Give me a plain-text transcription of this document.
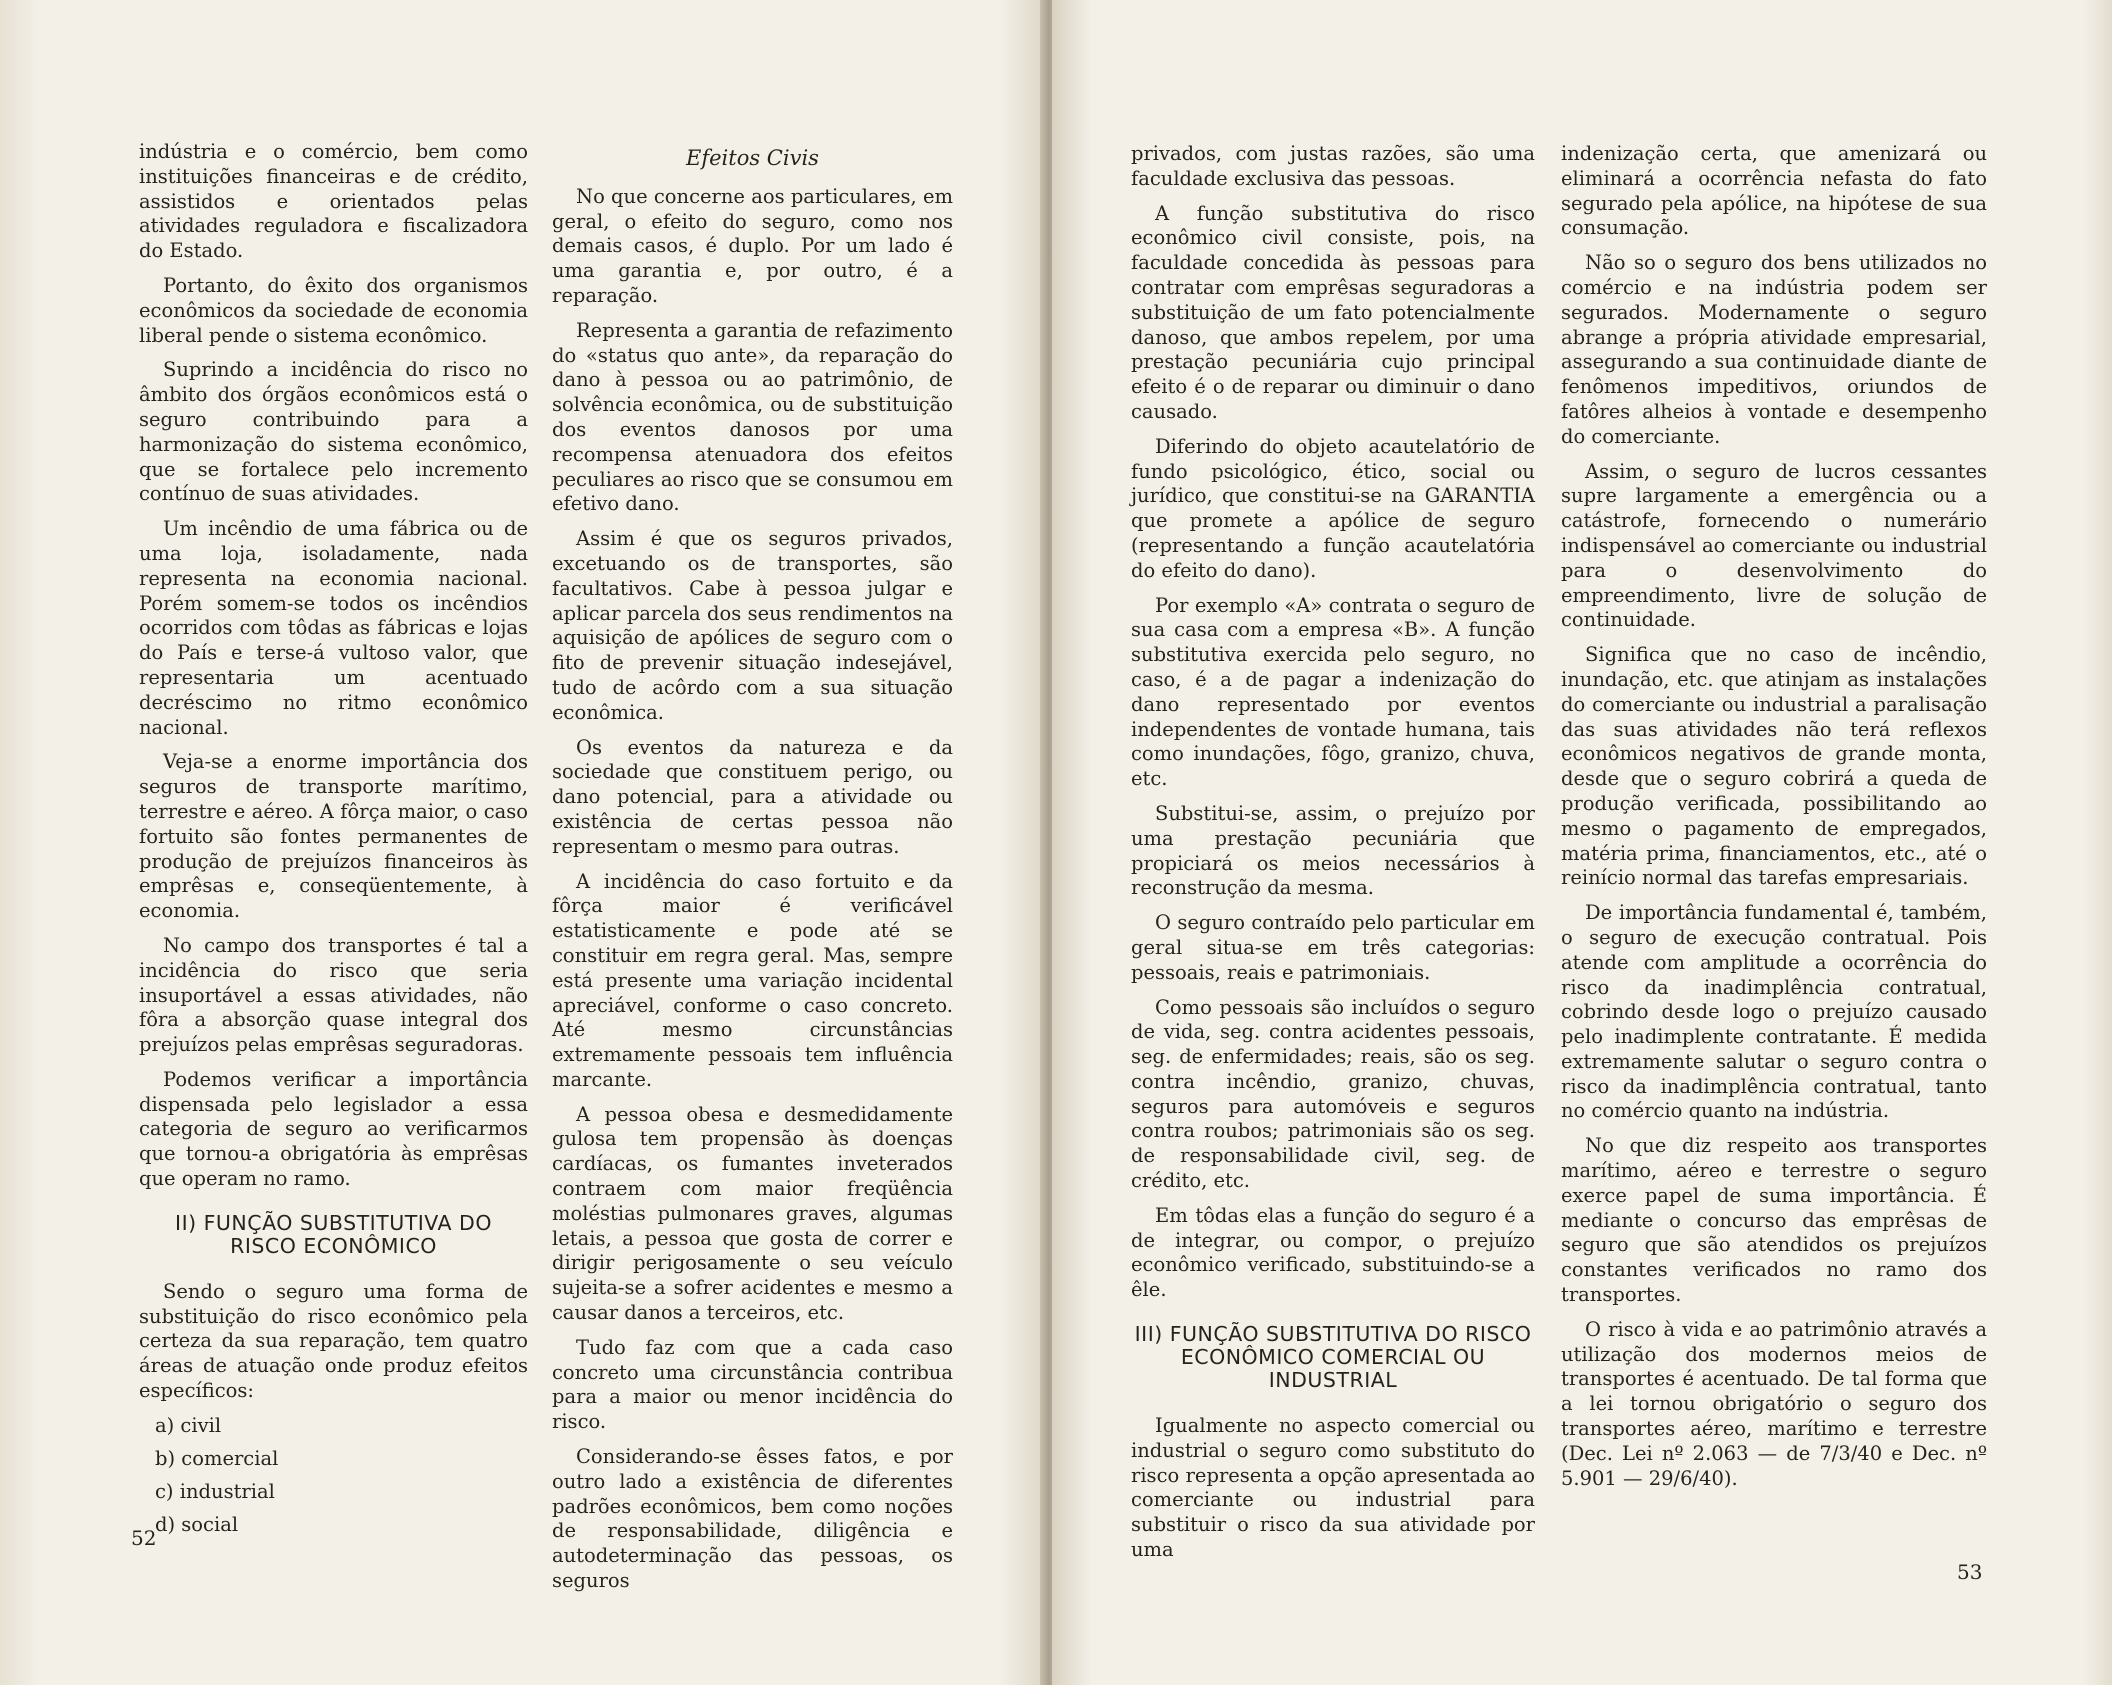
indústria e o comércio, bem como instituições financeiras e de crédito, assistidos e orientados pelas atividades reguladora e fiscalizadora do Estado.

Portanto, do êxito dos organismos econômicos da sociedade de economia liberal pende o sistema econômico.

Suprindo a incidência do risco no âmbito dos órgãos econômicos está o seguro contribuindo para a harmonização do sistema econômico, que se fortalece pelo incremento contínuo de suas atividades.

Um incêndio de uma fábrica ou de uma loja, isoladamente, nada representa na economia nacional. Porém somem-se todos os incêndios ocorridos com tôdas as fábricas e lojas do País e terse-á vultoso valor, que representaria um acentuado decréscimo no ritmo econômico nacional.

Veja-se a enorme importância dos seguros de transporte marítimo, terrestre e aéreo. A fôrça maior, o caso fortuito são fontes permanentes de produção de prejuízos financeiros às emprêsas e, conseqüentemente, à economia.

No campo dos transportes é tal a incidência do risco que seria insuportável a essas atividades, não fôra a absorção quase integral dos prejuízos pelas emprêsas seguradoras.

Podemos verificar a importância dispensada pelo legislador a essa categoria de seguro ao verificarmos que tornou-a obrigatória às emprêsas que operam no ramo.

II) FUNÇÃO SUBSTITUTIVA DO RISCO ECONÔMICO

Sendo o seguro uma forma de substituição do risco econômico pela certeza da sua reparação, tem quatro áreas de atuação onde produz efeitos específicos:

a) civil
b) comercial
c) industrial
d) social
Efeitos Civis

No que concerne aos particulares, em geral, o efeito do seguro, como nos demais casos, é duplo. Por um lado é uma garantia e, por outro, é a reparação.

Representa a garantia de refazimento do «status quo ante», da reparação do dano à pessoa ou ao patrimônio, de solvência econômica, ou de substituição dos eventos danosos por uma recompensa atenuadora dos efeitos peculiares ao risco que se consumou em efetivo dano.

Assim é que os seguros privados, excetuando os de transportes, são facultativos. Cabe à pessoa julgar e aplicar parcela dos seus rendimentos na aquisição de apólices de seguro com o fito de prevenir situação indesejável, tudo de acôrdo com a sua situação econômica.

Os eventos da natureza e da sociedade que constituem perigo, ou dano potencial, para a atividade ou existência de certas pessoa não representam o mesmo para outras.

A incidência do caso fortuito e da fôrça maior é verificável estatisticamente e pode até se constituir em regra geral. Mas, sempre está presente uma variação incidental apreciável, conforme o caso concreto. Até mesmo circunstâncias extremamente pessoais tem influência marcante.

A pessoa obesa e desmedidamente gulosa tem propensão às doenças cardíacas, os fumantes inveterados contraem com maior freqüência moléstias pulmonares graves, algumas letais, a pessoa que gosta de correr e dirigir perigosamente o seu veículo sujeita-se a sofrer acidentes e mesmo a causar danos a terceiros, etc.

Tudo faz com que a cada caso concreto uma circunstância contribua para a maior ou menor incidência do risco.

Considerando-se êsses fatos, e por outro lado a existência de diferentes padrões econômicos, bem como noções de responsabilidade, diligência e autodeterminação das pessoas, os seguros

52

privados, com justas razões, são uma faculdade exclusiva das pessoas.

A função substitutiva do risco econômico civil consiste, pois, na faculdade concedida às pessoas para contratar com emprêsas seguradoras a substituição de um fato potencialmente danoso, que ambos repelem, por uma prestação pecuniária cujo principal efeito é o de reparar ou diminuir o dano causado.

Diferindo do objeto acautelatório de fundo psicológico, ético, social ou jurídico, que constitui-se na GARANTIA que promete a apólice de seguro (representando a função acautelatória do efeito do dano).

Por exemplo «A» contrata o seguro de sua casa com a empresa «B». A função substitutiva exercida pelo seguro, no caso, é a de pagar a indenização do dano representado por eventos independentes de vontade humana, tais como inundações, fôgo, granizo, chuva, etc.

Substitui-se, assim, o prejuízo por uma prestação pecuniária que propiciará os meios necessários à reconstrução da mesma.

O seguro contraído pelo particular em geral situa-se em três categorias: pessoais, reais e patrimoniais.

Como pessoais são incluídos o seguro de vida, seg. contra acidentes pessoais, seg. de enfermidades; reais, são os seg. contra incêndio, granizo, chuvas, seguros para automóveis e seguros contra roubos; patrimoniais são os seg. de responsabilidade civil, seg. de crédito, etc.

Em tôdas elas a função do seguro é a de integrar, ou compor, o prejuízo econômico verificado, substituindo-se a êle.

III) FUNÇÃO SUBSTITUTIVA DO RISCO ECONÔMICO COMERCIAL OU INDUSTRIAL

Igualmente no aspecto comercial ou industrial o seguro como substituto do risco representa a opção apresentada ao comerciante ou industrial para substituir o risco da sua atividade por uma

indenização certa, que amenizará ou eliminará a ocorrência nefasta do fato segurado pela apólice, na hipótese de sua consumação.

Não so o seguro dos bens utilizados no comércio e na indústria podem ser segurados. Modernamente o seguro abrange a própria atividade empresarial, assegurando a sua continuidade diante de fenômenos impeditivos, oriundos de fatôres alheios à vontade e desempenho do comerciante.

Assim, o seguro de lucros cessantes supre largamente a emergência ou a catástrofe, fornecendo o numerário indispensável ao comerciante ou industrial para o desenvolvimento do empreendimento, livre de solução de continuidade.

Significa que no caso de incêndio, inundação, etc. que atinjam as instalações do comerciante ou industrial a paralisação das suas atividades não terá reflexos econômicos negativos de grande monta, desde que o seguro cobrirá a queda de produção verificada, possibilitando ao mesmo o pagamento de empregados, matéria prima, financiamentos, etc., até o reinício normal das tarefas empresariais.

De importância fundamental é, também, o seguro de execução contratual. Pois atende com amplitude a ocorrência do risco da inadimplência contratual, cobrindo desde logo o prejuízo causado pelo inadimplente contratante. É medida extremamente salutar o seguro contra o risco da inadimplência contratual, tanto no comércio quanto na indústria.

No que diz respeito aos transportes marítimo, aéreo e terrestre o seguro exerce papel de suma importância. É mediante o concurso das emprêsas de seguro que são atendidos os prejuízos constantes verificados no ramo dos transportes.

O risco à vida e ao patrimônio através a utilização dos modernos meios de transportes é acentuado. De tal forma que a lei tornou obrigatório o seguro dos transportes aéreo, marítimo e terrestre (Dec. Lei nº 2.063 — de 7/3/40 e Dec. nº 5.901 — 29/6/40).

53
